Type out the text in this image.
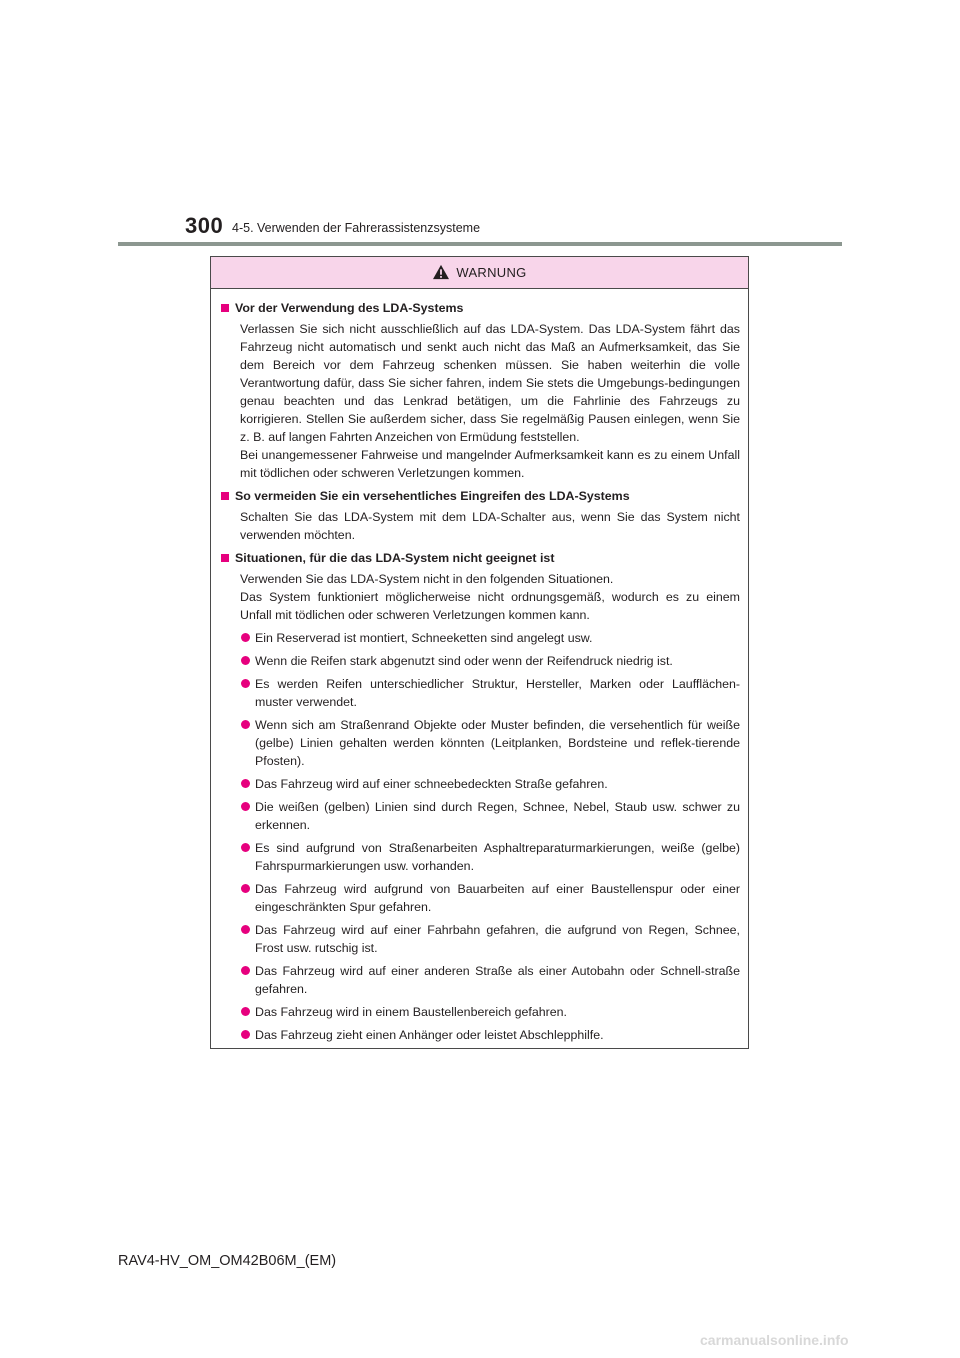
300 4-5. Verwenden der Fahrerassistenzsysteme
WARNUNG
Vor der Verwendung des LDA-Systems
Verlassen Sie sich nicht ausschließlich auf das LDA-System. Das LDA-System fährt das Fahrzeug nicht automatisch und senkt auch nicht das Maß an Aufmerksamkeit, das Sie dem Bereich vor dem Fahrzeug schenken müssen. Sie haben weiterhin die volle Verantwortung dafür, dass Sie sicher fahren, indem Sie stets die Umgebungs-bedingungen genau beachten und das Lenkrad betätigen, um die Fahrlinie des Fahrzeugs zu korrigieren. Stellen Sie außerdem sicher, dass Sie regelmäßig Pausen einlegen, wenn Sie z. B. auf langen Fahrten Anzeichen von Ermüdung feststellen.
Bei unangemessener Fahrweise und mangelnder Aufmerksamkeit kann es zu einem Unfall mit tödlichen oder schweren Verletzungen kommen.
So vermeiden Sie ein versehentliches Eingreifen des LDA-Systems
Schalten Sie das LDA-System mit dem LDA-Schalter aus, wenn Sie das System nicht verwenden möchten.
Situationen, für die das LDA-System nicht geeignet ist
Verwenden Sie das LDA-System nicht in den folgenden Situationen.
Das System funktioniert möglicherweise nicht ordnungsgemäß, wodurch es zu einem Unfall mit tödlichen oder schweren Verletzungen kommen kann.
Ein Reserverad ist montiert, Schneeketten sind angelegt usw.
Wenn die Reifen stark abgenutzt sind oder wenn der Reifendruck niedrig ist.
Es werden Reifen unterschiedlicher Struktur, Hersteller, Marken oder Laufflächen-muster verwendet.
Wenn sich am Straßenrand Objekte oder Muster befinden, die versehentlich für weiße (gelbe) Linien gehalten werden könnten (Leitplanken, Bordsteine und reflek-tierende Pfosten).
Das Fahrzeug wird auf einer schneebedeckten Straße gefahren.
Die weißen (gelben) Linien sind durch Regen, Schnee, Nebel, Staub usw. schwer zu erkennen.
Es sind aufgrund von Straßenarbeiten Asphaltreparaturmarkierungen, weiße (gelbe) Fahrspurmarkierungen usw. vorhanden.
Das Fahrzeug wird aufgrund von Bauarbeiten auf einer Baustellenspur oder einer eingeschränkten Spur gefahren.
Das Fahrzeug wird auf einer Fahrbahn gefahren, die aufgrund von Regen, Schnee, Frost usw. rutschig ist.
Das Fahrzeug wird auf einer anderen Straße als einer Autobahn oder Schnell-straße gefahren.
Das Fahrzeug wird in einem Baustellenbereich gefahren.
Das Fahrzeug zieht einen Anhänger oder leistet Abschlepphilfe.
RAV4-HV_OM_OM42B06M_(EM)
carmanualsonline.info
